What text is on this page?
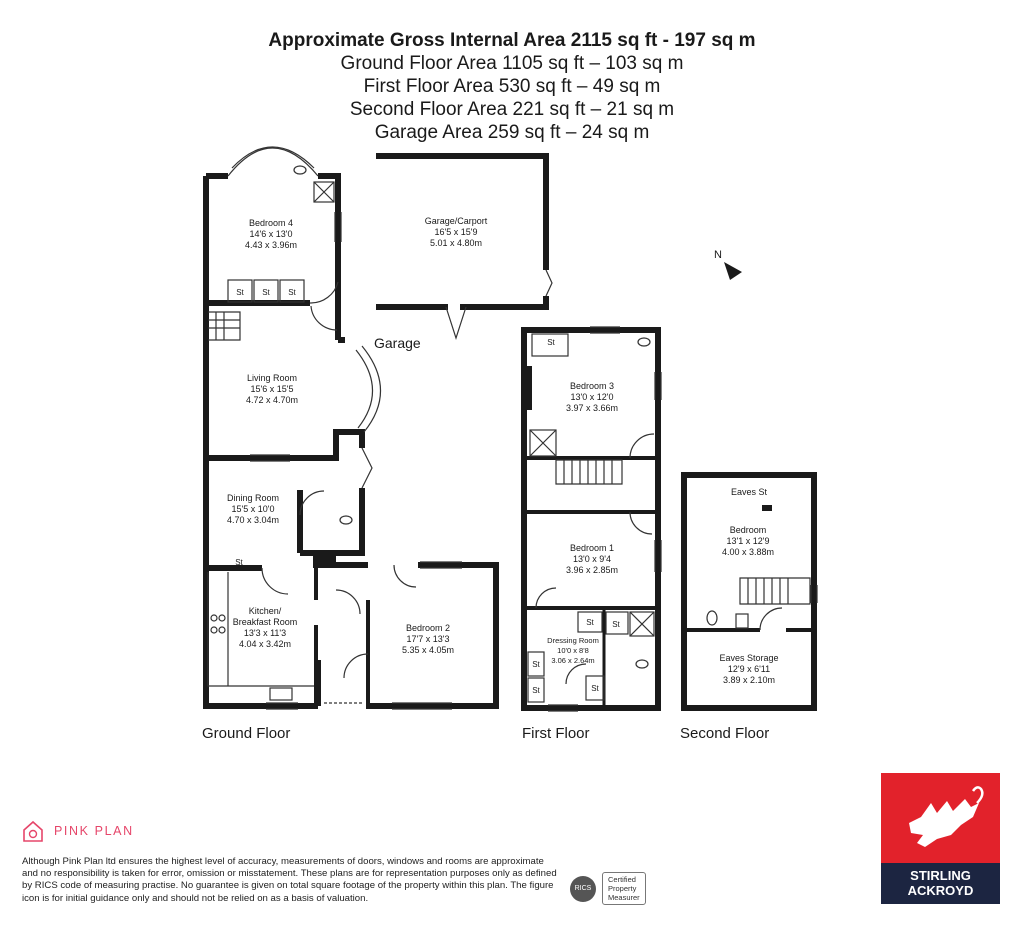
Approximate Gross Internal Area 2115 sq ft - 197 sq m
Ground Floor Area 1105 sq ft – 103 sq m
First Floor Area 530 sq ft – 49 sq m
Second Floor Area 221 sq ft – 21 sq m
Garage Area 259 sq ft – 24 sq m
N
Bedroom 4
14'6 x 13'0
4.43 x 3.96m
Garage/Carport
16'5 x 15'9
5.01 x 4.80m
Living Room
15'6 x 15'5
4.72 x 4.70m
Dining Room
15'5 x 10'0
4.70 x 3.04m
Kitchen/
Breakfast Room
13'3 x 11'3
4.04 x 3.42m
Bedroom 2
17'7 x 13'3
5.35 x 4.05m
Bedroom 3
13'0 x 12'0
3.97 x 3.66m
Bedroom 1
13'0 x 9'4
3.96 x 2.85m
Dressing Room
10'0 x 8'8
3.06 x 2.64m
Eaves St
Bedroom
13'1 x 12'9
4.00 x 3.88m
Eaves Storage
12'9 x 6'11
3.89 x 2.10m
St St St
St
St
St St
St
St	St
Garage
Ground Floor	First Floor	Second Floor
PINK PLAN
Although Pink Plan ltd ensures the highest level of accuracy, measurements of doors, windows and rooms are approximate and no responsibility is taken for error, omission or misstatement. These plans are for representation purposes only as defined by RICS code of measuring practise. No guarantee is given on total square footage of the property within this plan. The figure icon is for initial guidance only and should not be relied on as a basis of valuation.
RICS
Certified
Property
Measurer
STIRLING
ACKROYD
